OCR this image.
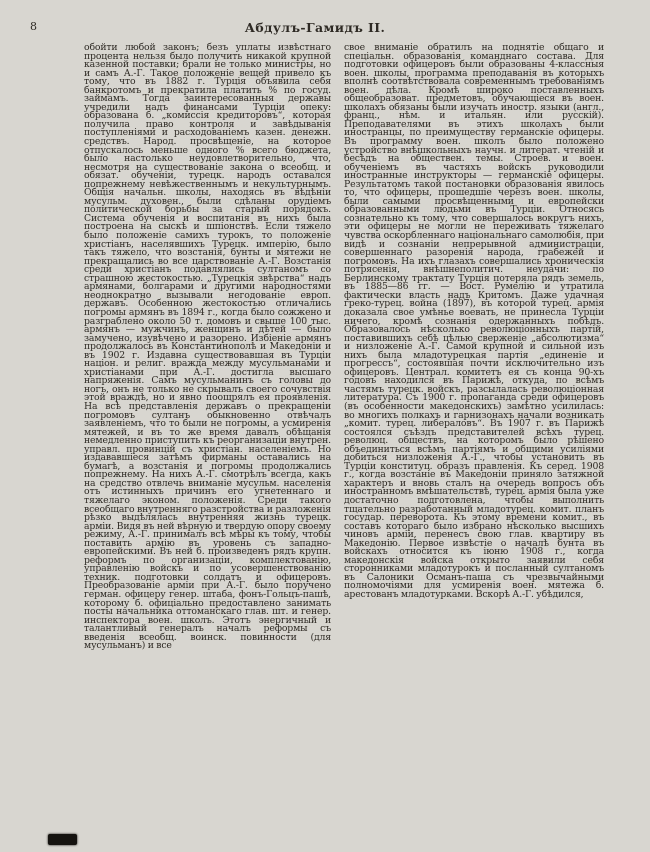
8	Абдулъ-Гамидъ II.
обойти любой законъ; безъ уплаты извѣстнаго процента нельзя было получить никакой крупной казенной поставки; брали не только министры, но и самъ А.-Г. Такое положеніе вещей привело къ тому, что въ 1882 г. Турція объявила себя банкротомъ и прекратила платить % по госуд. займамъ. Тогда заинтересованныя державы учредили надъ финансами Турціи опеку: образована б. „комиссія кредиторовъ“, которая получила право контроля и завѣдыванія поступленіями и расходованіемъ казен. денежн. средствъ. Народ. просвѣщеніе, на которое отпускалось меньше одного % всего бюджета, было настолько неудовлетворительно, что, несмотря на существованіе закона о всеобщ. и обязат. обученіи, турецк. народъ оставался попрежнему невѣжественнымъ и некультурнымъ. Общія начальн. школы, находясь въ вѣдѣніи мусульм. духовен., были сдѣланы орудіемъ политической борьбы за старый порядокъ. Система обученія и воспитанія въ нихъ была построена на сыскѣ и шпіонствѣ. Если тяжело было положеніе самихъ турокъ, то положеніе христіанъ, населявшихъ Турецк. имперію, было такъ тяжело, что возстанія, бунты и мятежи не прекращались во все царствованіе А.-Г. Возстанія среди христіанъ подавлялись султаномъ со страшною жестокостью. „Турецкія звѣрства“ надъ армянами, болгарами и другими народностями неоднократно вызывали негодованіе европ. державъ. Особенною жестокостью отличались погромы армянъ въ 1894 г., когда было сожжено и разграблено около 50 т. домовъ и свыше 100 тыс. армянъ — мужчинъ, женщинъ и дѣтей — было замучено, изувѣчено и разорено. Избіеніе армянъ продолжалось въ Константинополѣ и Македоніи и въ 1902 г. Издавна существовавшая въ Турціи націон. и религ. вражда между мусульманами и христіанами при А.-Г. достигла высшаго напряженія. Самъ мусульманинъ съ головы до ногъ, онъ не только не скрывалъ своего сочувствія этой враждѣ, но и явно поощрялъ ея проявленія. На всѣ представленія державъ о прекращеніи погромовъ султанъ обыкновенно отвѣчалъ заявленіемъ, что то были не погромы, а усмиренія мятежей, и въ то же время давалъ обѣщанія немедленно приступить къ реорганизаціи внутрен. управл. провинцій съ христіан. населеніемъ. Но издававшіеся затѣмъ фирманы оставались на бумагѣ, а возстанія и погромы продолжались попрежнему. На нихъ А.-Г. смотрѣлъ всегда, какъ на средство отвлечь вниманіе мусульм. населенія отъ истинныхъ причинъ его угнетеннаго и тяжелаго эконом. положенія. Среди такого всеобщаго внутренняго разстройства и разложенія рѣзко выдѣлялась внутренняя жизнь турецк. арміи. Видя въ ней вѣрную и твердую опору своему режиму, А.-Г. принималъ всѣ мѣры къ тому, чтобы поставить армію въ уровень съ западно-европейскими. Въ ней б. произведенъ рядъ крупн. реформъ по организаціи, комплектованію, управленію войскъ и по усовершенствованію техник. подготовки солдатъ и офицеровъ. Преобразованіе арміи при А.-Г. было поручено герман. офицеру генер. штаба, фонъ-Гольцъ-пашѣ, которому б. офиціально предоставлено занимать посты начальника оттоманскаго глав. шт. и генер. инспектора воен. школъ. Этотъ энергичный и талантливый генералъ началъ реформы съ введенія всеобщ. воинск. повинности (для мусульманъ) и все
свое вниманіе обратилъ на поднятіе общаго и спеціальн. образованія команднаго состава. Для подготовки офицеровъ были образованы 4-классныя воен. школы, программа преподаванія въ которыхъ вполнѣ соотвѣтствовала современнымъ требованіямъ воен. дѣла. Кромѣ широко поставленныхъ общеобразоват. предметовъ, обучающіеся въ воен. школахъ обязаны были изучать иностр. языки (англ., франц., нѣм. и итальян. или русскій). Преподавателями въ этихъ школахъ были иностранцы, по преимуществу германскіе офицеры. Въ программу воен. школъ было положено устройство внѣшкольныхъ научн. и литерат. чтеній и бесѣдъ на обществен. темы. Строев. и воен. обученіемъ въ частяхъ войскъ руководили иностранные инструкторы — германскіе офицеры. Результатомъ такой постановки образованія явилось то, что офицеры, прошедшіе черезъ воен. школы, были самыми просвѣщенными и европейски образованными людьми въ Турціи. Относясь сознательно къ тому, что совершалось вокругъ нихъ, эти офицеры не могли не переживать тяжелаго чувства оскорбленнаго національнаго самолюбія, при видѣ и сознаніи непрерывной администраціи, совершеннаго разоренія народа, грабежей и погромовъ. На ихъ глазахъ совершались хроническія потрясенія, внѣшнеполитич. неудачи: по Берлинскому трактату Турція потеряла рядъ земель, въ 1885—86 гг. — Вост. Румелію и утратила фактически власть надъ Критомъ. Даже удачная греко-турец. война (1897), въ которой турец. армія доказала свое умѣнье воевать, не принесла Турціи ничего, кромѣ сознанія одержанныхъ побѣдъ. Образовалось нѣсколько революціонныхъ партій, поставившихъ себѣ цѣлью сверженіе „абсолютизма“ и низложеніе А.-Г. Самой крупной и сильной изъ нихъ была младотурецкая партія „единеніе и прогрессъ“, состоявшая почти исключительно изъ офицеровъ. Централ. комитетъ ея съ конца 90-хъ годовъ находился въ Парижѣ, откуда, по всѣмъ частямъ турецк. войскъ, разсылалась революціонная литература. Съ 1900 г. пропаганда среди офицеровъ (въ особенности македонскихъ) замѣтно усилилась: во многихъ полкахъ и гарнизонахъ начали возникать „комит. турец. либераловъ“. Въ 1907 г. въ Парижѣ состоялся съѣздъ представителей всѣхъ турец. революц. обществъ, на которомъ было рѣшено объединиться всѣмъ партіямъ и общими усиліями добиться низложенія А.-Г., чтобы установить въ Турціи конституц. образъ правленія. Къ серед. 1908 г., когда возстаніе въ Македоніи приняло затяжной характеръ и вновь сталъ на очередь вопросъ объ иностранномъ вмѣшательствѣ, турец. армія была уже достаточно подготовлена, чтобы выполнить тщательно разработанный младотурец. комит. планъ государ. переворота. Къ этому времени комит., въ составъ котораго было избрано нѣсколько высшихъ чиновъ арміи, перенесъ свою глав. квартиру въ Македонію. Первое извѣстіе о началѣ бунта въ войскахъ относится къ іюню 1908 г., когда македонскія войска открыто заявили себя сторонниками младотурокъ и посланный султаномъ въ Салоники Османъ-паша съ чрезвычайными полномочіями для усмиренія воен. мятежа б. арестованъ младотурками. Вскорѣ А.-Г. убѣдился,
